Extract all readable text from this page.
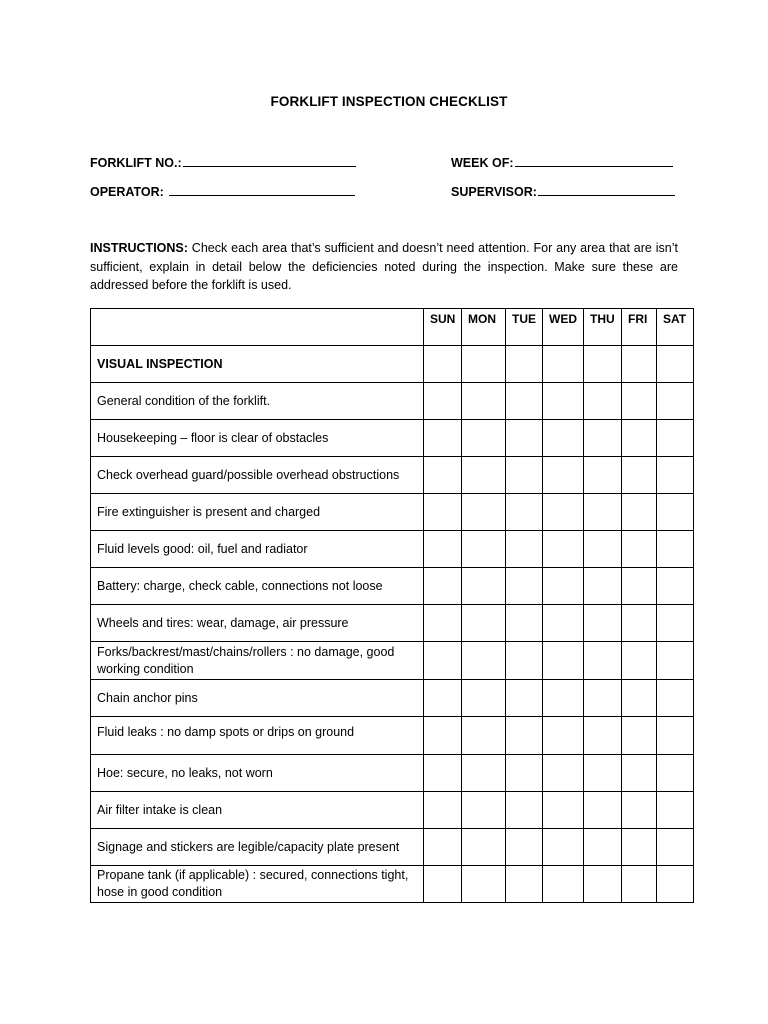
FORKLIFT INSPECTION CHECKLIST
FORKLIFT NO.:	WEEK OF:
OPERATOR:	SUPERVISOR:
INSTRUCTIONS: Check each area that’s sufficient and doesn’t need attention. For any area that are isn’t sufficient, explain in detail below the deficiencies noted during the inspection. Make sure these are addressed before the forklift is used.
	SUN	MON	TUE	WED	THU	FRI	SAT
VISUAL INSPECTION							
General condition of the forklift.							
Housekeeping – floor is clear of obstacles							
Check overhead guard/possible overhead obstructions							
Fire extinguisher is present and charged							
Fluid levels good: oil, fuel and radiator							
Battery: charge, check cable, connections not loose							
Wheels and tires: wear, damage, air pressure							
Forks/backrest/mast/chains/rollers : no damage, good working condition							
Chain anchor pins							
Fluid leaks : no damp spots or drips on ground							
Hoe: secure, no leaks, not worn							
Air filter intake is clean							
Signage and stickers are legible/capacity plate present							
Propane tank (if applicable) : secured, connections tight, hose in good condition							
